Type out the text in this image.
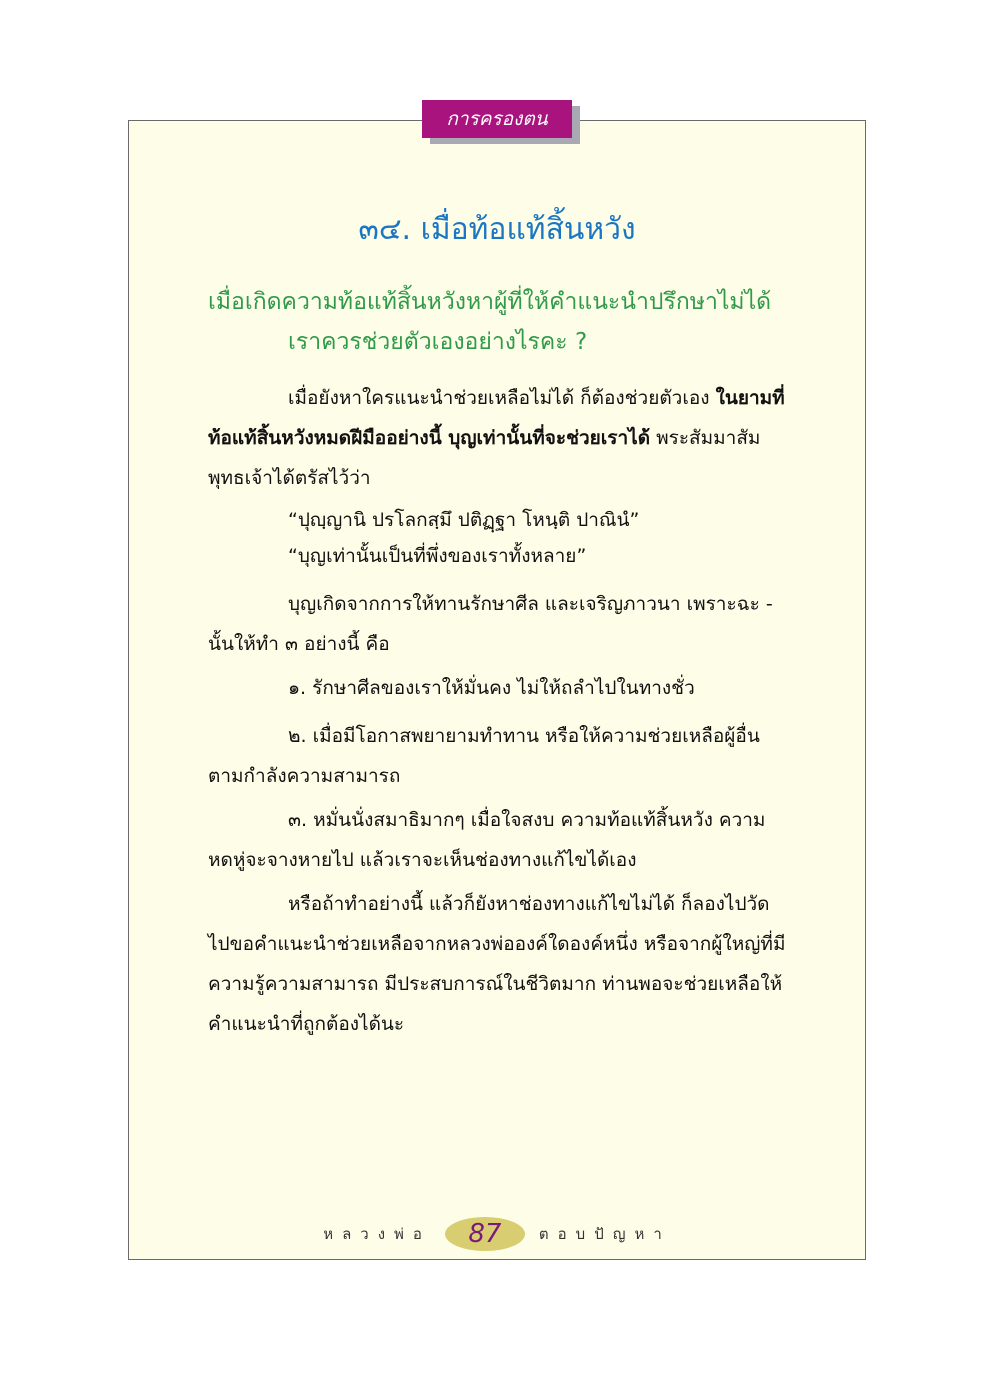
การครองตน
๓๔. เมื่อท้อแท้สิ้นหวัง
เมื่อเกิดความท้อแท้สิ้นหวังหาผู้ที่ให้คำแนะนำปรึกษาไม่ได้
เราควรช่วยตัวเองอย่างไรคะ ?
เมื่อยังหาใครแนะนำช่วยเหลือไม่ได้ ก็ต้องช่วยตัวเอง ในยามที่ท้อแท้สิ้นหวังหมดฝีมืออย่างนี้ บุญเท่านั้นที่จะช่วยเราได้ พระสัมมาสัมพุทธเจ้าได้ตรัสไว้ว่า
“ปุญฺญานิ ปรโลกสฺมึ ปติฏฺฐา โหนฺติ ปาณินํ”
“บุญเท่านั้นเป็นที่พึ่งของเราทั้งหลาย”
บุญเกิดจากการให้ทานรักษาศีล และเจริญภาวนา เพราะฉะ - นั้นให้ทำ ๓ อย่างนี้ คือ
๑. รักษาศีลของเราให้มั่นคง ไม่ให้ถลำไปในทางชั่ว
๒. เมื่อมีโอกาสพยายามทำทาน หรือให้ความช่วยเหลือผู้อื่นตามกำลังความสามารถ
๓. หมั่นนั่งสมาธิมากๆ เมื่อใจสงบ ความท้อแท้สิ้นหวัง ความหดหู่จะจางหายไป แล้วเราจะเห็นช่องทางแก้ไขได้เอง
หรือถ้าทำอย่างนี้ แล้วก็ยังหาช่องทางแก้ไขไม่ได้ ก็ลองไปวัด ไปขอคำแนะนำช่วยเหลือจากหลวงพ่อองค์ใดองค์หนึ่ง หรือจากผู้ใหญ่ที่มีความรู้ความสามารถ มีประสบการณ์ในชีวิตมาก ท่านพอจะช่วยเหลือให้คำแนะนำที่ถูกต้องได้นะ
หลวงพ่อ 87 ตอบปัญหา
